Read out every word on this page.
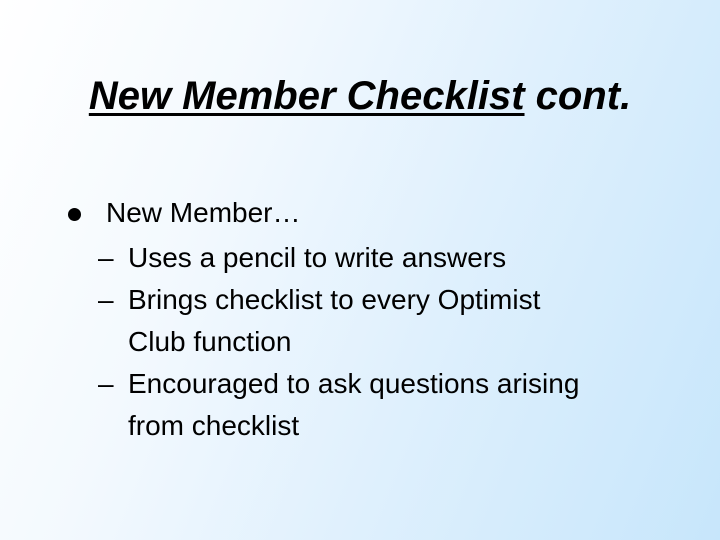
New Member Checklist cont.
New Member…
– Uses a pencil to write answers
– Brings checklist to every Optimist
Club function
– Encouraged to ask questions arising
from checklist
